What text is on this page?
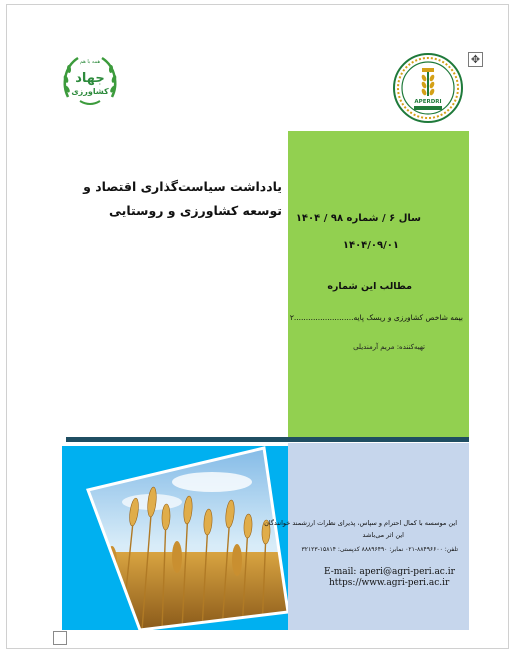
✥
همه با هم
جهاد
کشاورزی
APERDRI
یادداشت سیاست‌گذاری اقتصاد و توسعه کشاورزی و روستایی
سال ۶ / شماره ۹۸ / ۱۴۰۴
۱۴۰۴/۰۹/۰۱
مطالب این شماره
بیمه شاخص کشاورزی و ریسک پایه.........................۲
تهیه‌کننده: مریم آرمندیلی
این موسسه با کمال احترام و سپاس، پذیرای نظرات ارزشمند خوانندگان
این اثر می‌باشد
تلفن: ۸۸۴۹۶۶۰۰-۰۲۱ نمابر: ۸۸۸۹۶۴۹۰ کدپستی: ۱۵۸۱۴-۳۲۱۲۳
E-mail: aperi@agri-peri.ac.ir
https://www.agri-peri.ac.ir
